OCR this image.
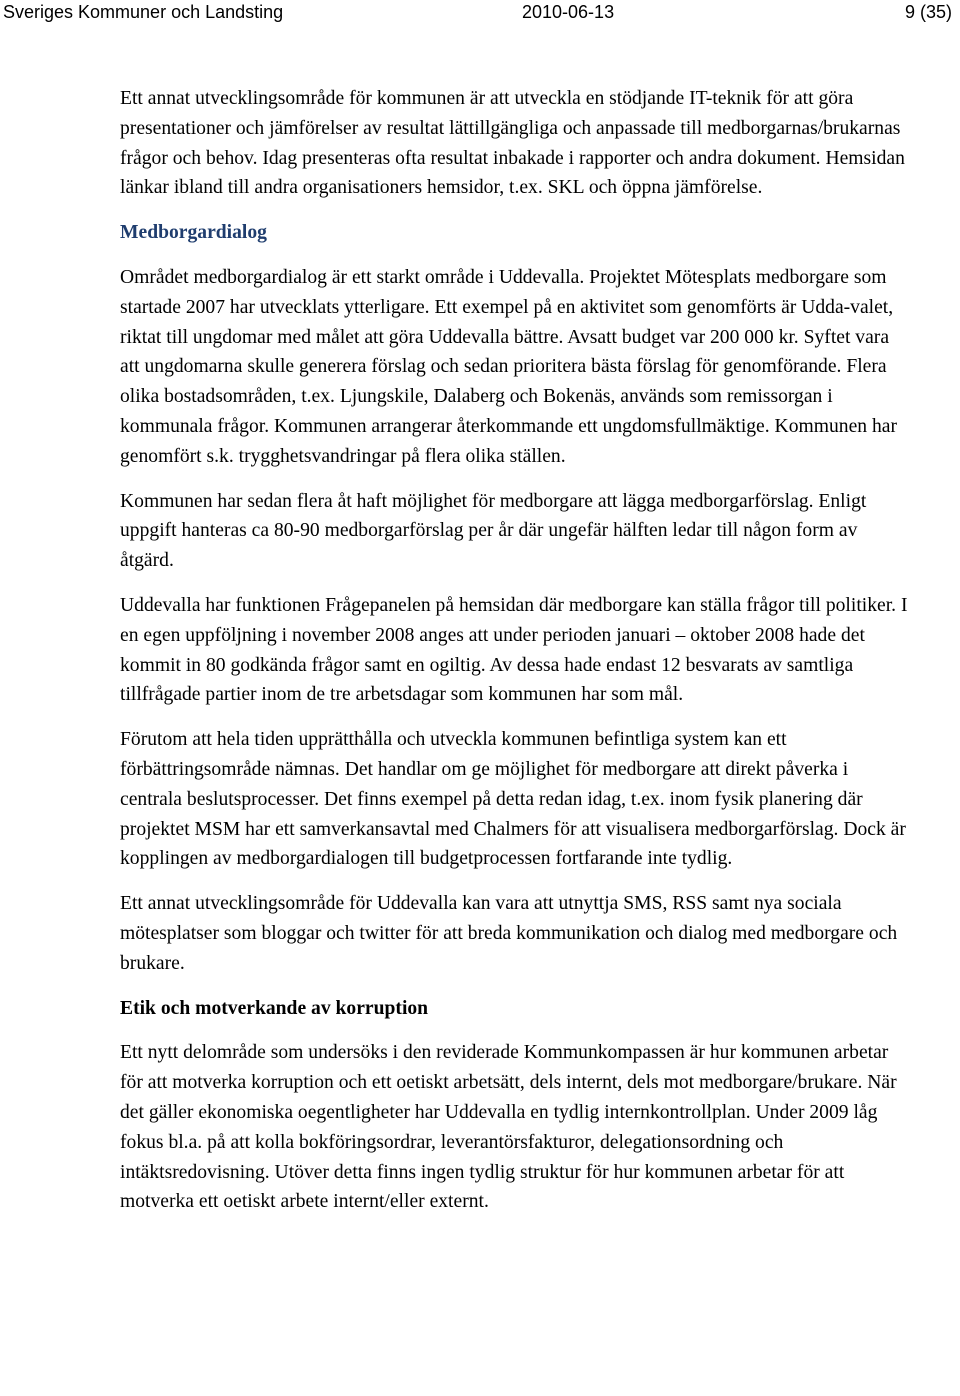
Sveriges Kommuner och Landsting	2010-06-13	9 (35)

Ett annat utvecklingsområde för kommunen är att utveckla en stödjande IT-teknik för att göra presentationer och jämförelser av resultat lättillgängliga och anpassade till medborgarnas/brukarnas frågor och behov. Idag presenteras ofta resultat inbakade i rapporter och andra dokument. Hemsidan länkar ibland till andra organisationers hemsidor, t.ex. SKL och öppna jämförelse.

Medborgardialog

Området medborgardialog är ett starkt område i Uddevalla. Projektet Mötesplats medborgare som startade 2007 har utvecklats ytterligare. Ett exempel på en aktivitet som genomförts är Udda-valet, riktat till ungdomar med målet att göra Uddevalla bättre. Avsatt budget var 200 000 kr. Syftet vara att ungdomarna skulle generera förslag och sedan prioritera bästa förslag för genomförande. Flera olika bostadsområden, t.ex. Ljungskile, Dalaberg och Bokenäs, används som remissorgan i kommunala frågor. Kommunen arrangerar återkommande ett ungdomsfullmäktige. Kommunen har genomfört s.k. trygghetsvandringar på flera olika ställen.

Kommunen har sedan flera åt haft möjlighet för medborgare att lägga medborgarförslag. Enligt uppgift hanteras ca 80-90 medborgarförslag per år där ungefär hälften ledar till någon form av åtgärd.

Uddevalla har funktionen Frågepanelen på hemsidan där medborgare kan ställa frågor till politiker. I en egen uppföljning i november 2008 anges att under perioden januari – oktober 2008 hade det kommit in 80 godkända frågor samt en ogiltig. Av dessa hade endast 12 besvarats av samtliga tillfrågade partier inom de tre arbetsdagar som kommunen har som mål.

Förutom att hela tiden upprätthålla och utveckla kommunen befintliga system kan ett förbättringsområde nämnas. Det handlar om ge möjlighet för medborgare att direkt påverka i centrala beslutsprocesser. Det finns exempel på detta redan idag, t.ex. inom fysik planering där projektet MSM har ett samverkansavtal med Chalmers för att visualisera medborgarförslag. Dock är kopplingen av medborgardialogen till budgetprocessen fortfarande inte tydlig.

Ett annat utvecklingsområde för Uddevalla kan vara att utnyttja SMS, RSS samt nya sociala mötesplatser som bloggar och twitter för att breda kommunikation och dialog med medborgare och brukare.

Etik och motverkande av korruption

Ett nytt delområde som undersöks i den reviderade Kommunkompassen är hur kommunen arbetar för att motverka korruption och ett oetiskt arbetsätt, dels internt, dels mot medborgare/brukare. När det gäller ekonomiska oegentligheter har Uddevalla en tydlig internkontrollplan. Under 2009 låg fokus bl.a. på att kolla bokföringsordrar, leverantörsfakturor, delegationsordning och intäktsredovisning. Utöver detta finns ingen tydlig struktur för hur kommunen arbetar för att motverka ett oetiskt arbete internt/eller externt.
